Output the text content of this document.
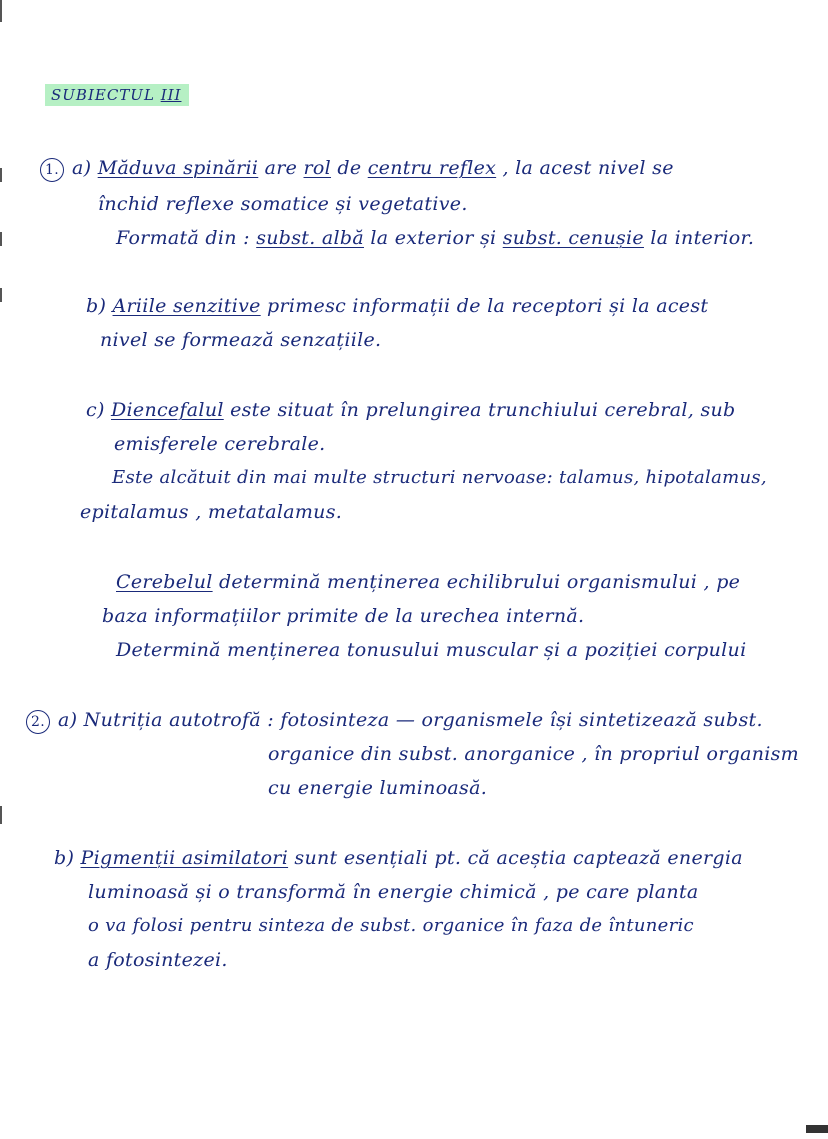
SUBIECTUL III
1. a) Măduva spinării are rol de centru reflex , la acest nivel se
închid reflexe somatice și vegetative.
Formată din : subst. albă la exterior și subst. cenușie la interior.
b) Ariile senzitive primesc informații de la receptori și la acest
nivel se formează senzațiile.
c) Diencefalul este situat în prelungirea trunchiului cerebral, sub
emisferele cerebrale.
Este alcătuit din mai multe structuri nervoase: talamus, hipotalamus,
epitalamus , metatalamus.
Cerebelul determină menținerea echilibrului organismului , pe
baza informațiilor primite de la urechea internă.
Determină menținerea tonusului muscular și a poziției corpului
2. a) Nutriția autotrofă : fotosinteza — organismele își sintetizează subst.
organice din subst. anorganice , în propriul organism
cu energie luminoasă.
b) Pigmenții asimilatori sunt esențiali pt. că aceștia captează energia
luminoasă și o transformă în energie chimică , pe care planta
o va folosi pentru sinteza de subst. organice în faza de întuneric
a fotosintezei.
